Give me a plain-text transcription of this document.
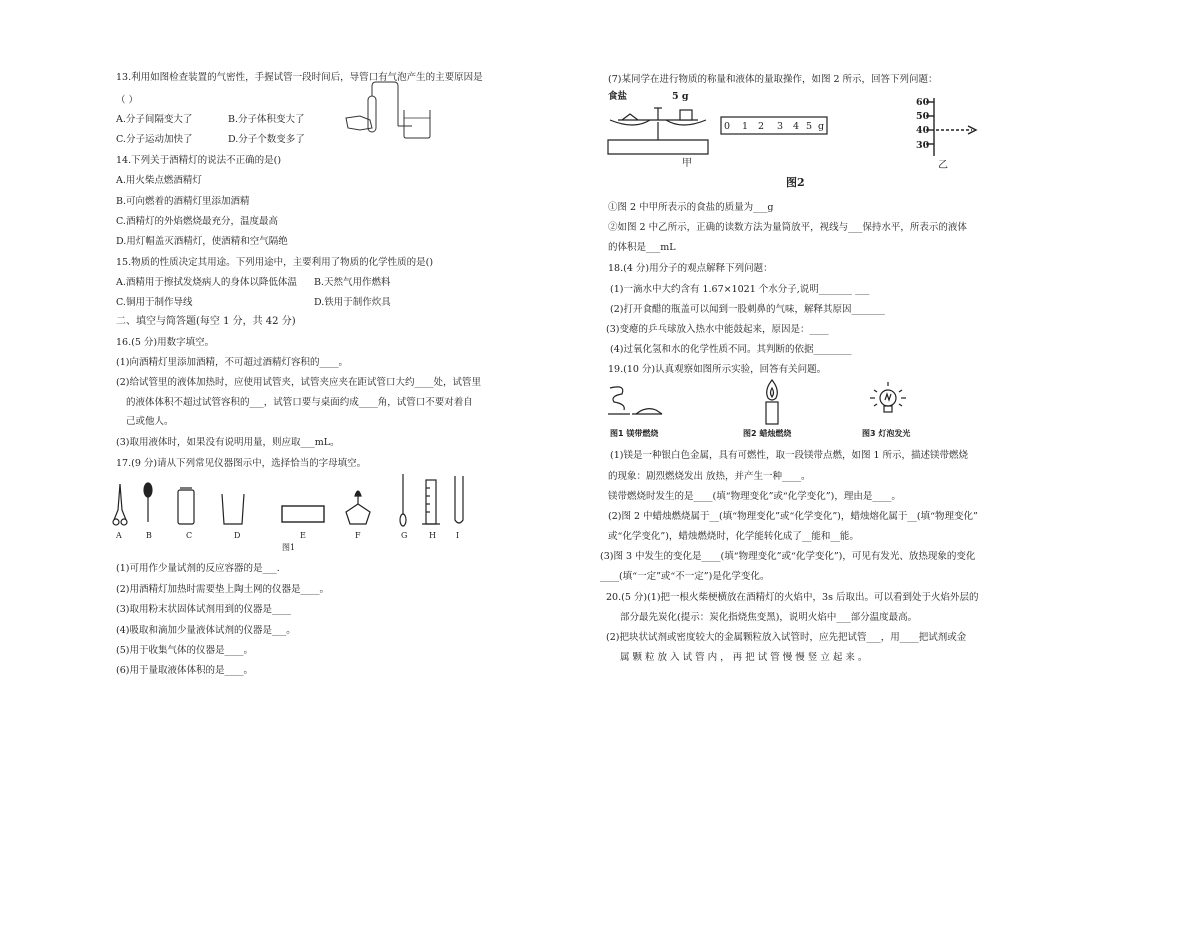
13.利用如图检查装置的气密性，手握试管一段时间后，导管口有气泡产生的主要原因是
（ ）
A.分子间隔变大了	B.分子体积变大了
C.分子运动加快了	D.分子个数变多了
14.下列关于酒精灯的说法不正确的是()
A.用火柴点燃酒精灯
B.可向燃着的酒精灯里添加酒精
C.酒精灯的外焰燃烧最充分，温度最高
D.用灯帽盖灭酒精灯，使酒精和空气隔绝
15.物质的性质决定其用途。下列用途中，主要利用了物质的化学性质的是()
A.酒精用于擦拭发烧病人的身体以降低体温 B.天然气用作燃料
C.铜用于制作导线	D.铁用于制作炊具
二、填空与简答题(每空 1 分，共 42 分)
16.(5 分)用数字填空。
(1)向酒精灯里添加酒精，不可超过酒精灯容积的____。
(2)给试管里的液体加热时，应使用试管夹，试管夹应夹在距试管口大约____处，试管里
的液体体积不超过试管容积的___，试管口要与桌面约成____角，试管口不要对着自
己或他人。
(3)取用液体时，如果没有说明用量，则应取___mL。
17.(9 分)请从下列常见仪器图示中，选择恰当的字母填空。
A	B	C	D	E	F	G	H	I
图1
(1)可用作少量试剂的反应容器的是___.
(2)用酒精灯加热时需要垫上陶土网的仪器是____。
(3)取用粉末状固体试剂用到的仪器是____
(4)吸取和滴加少量液体试剂的仪器是___。
(5)用于收集气体的仪器是____。
(6)用于量取液体体积的是____。
(7)某同学在进行物质的称量和液体的量取操作，如图 2 所示，回答下列问题：
食盐	5 g
0 1 2 3 4 5 g
甲
图2
60
50
40
30
乙
①图 2 中甲所表示的食盐的质量为___g
②如图 2 中乙所示，正确的读数方法为量筒放平，视线与___保持水平，所表示的液体
的体积是___mL
18.(4 分)用分子的观点解释下列问题：
(1)一滴水中大约含有 1.67×1021 个水分子,说明_______ ___
(2)打开食醋的瓶盖可以闻到一股刺鼻的气味，解释其原因_______
(3)变瘪的乒乓球放入热水中能鼓起来，原因是：____
(4)过氧化氢和水的化学性质不同。其判断的依据________
19.(10 分)认真观察如图所示实验，回答有关问题。
图1 镁带燃烧	图2 蜡烛燃烧	图3 灯泡发光
(1)镁是一种银白色金属，具有可燃性，取一段镁带点燃，如图 1 所示，描述镁带燃烧
的现象：剧烈燃烧发出 放热，并产生一种____。
镁带燃烧时发生的是____(填“物理变化”或“化学变化”)，理由是____。
(2)图 2 中蜡烛燃烧属于__(填“物理变化”或“化学变化”)，蜡烛熔化属于__(填“物理变化”
或“化学变化”)，蜡烛燃烧时，化学能转化成了__能和__能。
(3)图 3 中发生的变化是____(填“物理变化”或“化学变化”)，可见有发光、放热现象的变化
____(填“一定”或“不一定”)是化学变化。
20.(5 分)(1)把一根火柴梗横放在酒精灯的火焰中，3s 后取出。可以看到处于火焰外层的
部分最先炭化(提示：炭化指烧焦变黑)，说明火焰中___部分温度最高。
(2)把块状试剂或密度较大的金属颗粒放入试管时，应先把试管___，用____把试剂或金
属 颗 粒 放 入 试 管 内 ， 再 把 试 管 慢 慢 竖 立 起 来 。
